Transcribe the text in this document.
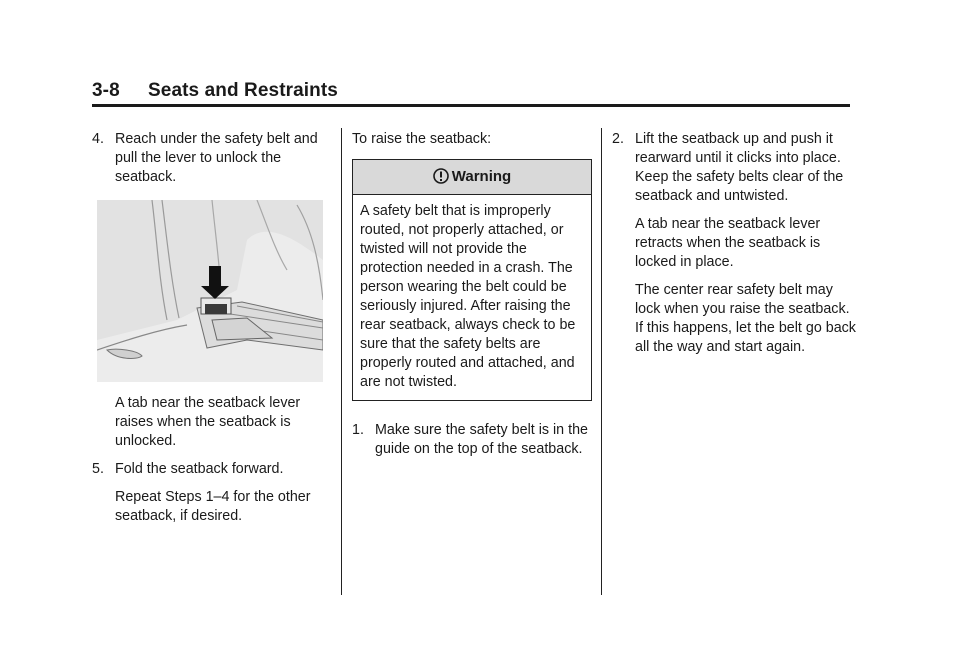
3-8 Seats and Restraints

4. Reach under the safety belt and pull the lever to unlock the seatback.

A tab near the seatback lever raises when the seatback is unlocked.

5. Fold the seatback forward.

Repeat Steps 1–4 for the other seatback, if desired.

To raise the seatback:

Warning
A safety belt that is improperly routed, not properly attached, or twisted will not provide the protection needed in a crash. The person wearing the belt could be seriously injured. After raising the rear seatback, always check to be sure that the safety belts are properly routed and attached, and are not twisted.

1. Make sure the safety belt is in the guide on the top of the seatback.

2. Lift the seatback up and push it rearward until it clicks into place. Keep the safety belts clear of the seatback and untwisted.

A tab near the seatback lever retracts when the seatback is locked in place.

The center rear safety belt may lock when you raise the seatback. If this happens, let the belt go back all the way and start again.
